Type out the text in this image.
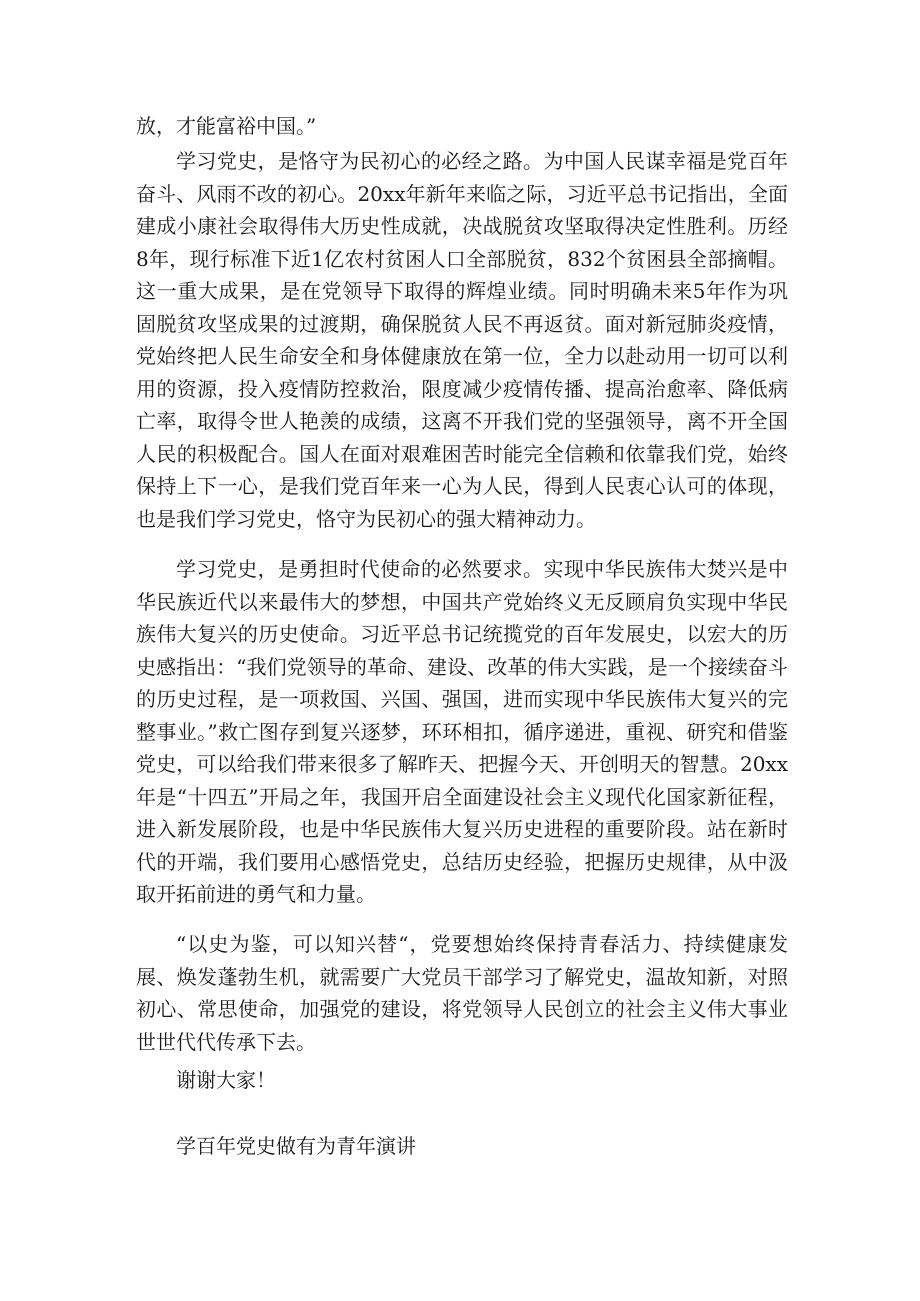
放，才能富裕中国。”

学习党史，是恪守为民初心的必经之路。为中国人民谋幸福是党百年奋斗、风雨不改的初心。20xx年新年来临之际，习近平总书记指出，全面建成小康社会取得伟大历史性成就，决战脱贫攻坚取得决定性胜利。历经8年，现行标准下近1亿农村贫困人口全部脱贫，832个贫困县全部摘帽。这一重大成果，是在党领导下取得的辉煌业绩。同时明确未来5年作为巩固脱贫攻坚成果的过渡期，确保脱贫人民不再返贫。面对新冠肺炎疫情，党始终把人民生命安全和身体健康放在第一位，全力以赴动用一切可以利用的资源，投入疫情防控救治，限度减少疫情传播、提高治愈率、降低病亡率，取得令世人艳羡的成绩，这离不开我们党的坚强领导，离不开全国人民的积极配合。国人在面对艰难困苦时能完全信赖和依靠我们党，始终保持上下一心，是我们党百年来一心为人民，得到人民衷心认可的体现，也是我们学习党史，恪守为民初心的强大精神动力。

学习党史，是勇担时代使命的必然要求。实现中华民族伟大焚兴是中华民族近代以来最伟大的梦想，中国共产党始终义无反顾肩负实现中华民族伟大复兴的历史使命。习近平总书记统揽党的百年发展史，以宏大的历史感指出：“我们党领导的革命、建设、改革的伟大实践，是一个接续奋斗的历史过程，是一项救国、兴国、强国，进而实现中华民族伟大复兴的完整事业。”救亡图存到复兴逐梦，环环相扣，循序递进，重视、研究和借鉴党史，可以给我们带来很多了解昨天、把握今天、开创明天的智慧。20xx年是“十四五”开局之年，我国开启全面建设社会主义现代化国家新征程，进入新发展阶段，也是中华民族伟大复兴历史进程的重要阶段。站在新时代的开端，我们要用心感悟党史，总结历史经验，把握历史规律，从中汲取开拓前进的勇气和力量。

“以史为鉴，可以知兴替“，党要想始终保持青春活力、持续健康发展、焕发蓬勃生机，就需要广大党员干部学习了解党史，温故知新，对照初心、常思使命，加强党的建设，将党领导人民创立的社会主义伟大事业世世代代传承下去。

谢谢大家！

学百年党史做有为青年演讲
